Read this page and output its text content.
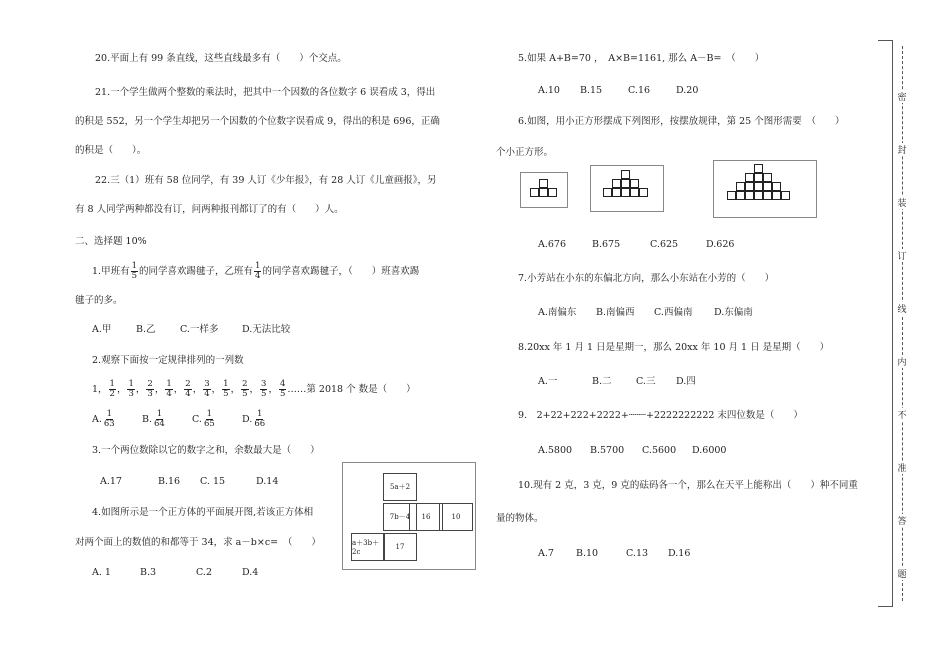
20.平面上有 99 条直线，这些直线最多有（　　）个交点。
21.一个学生做两个整数的乘法时，把其中一个因数的各位数字 6 误看成 3，得出
的积是 552，另一个学生却把另一个因数的个位数字误看成 9，得出的积是 696，正确
的积是（　　）。
22.三（1）班有 58 位同学，有 39 人订《少年报》，有 28 人订《儿童画报》，另
有 8 人同学两种都没有订，问两种报刊都订了的有（　　）人。
二、选择题 10%
1.甲班有 $\frac{1}{5}$ 的同学喜欢踢毽子，乙班有 $\frac{1}{4}$ 的同学喜欢踢毽子，（　　）班喜欢踢
毽子的多。
A.甲	B.乙	C.一样多 D.无法比较
2.观察下面按一定规律排列的一列数
1， $\frac{1}{2}$ ， $\frac{1}{3}$ ， $\frac{2}{3}$ ， $\frac{1}{4}$ ， $\frac{2}{4}$ ， $\frac{3}{4}$ ， $\frac{1}{5}$ ， $\frac{2}{5}$ ， $\frac{3}{5}$ ， $\frac{4}{5}$ ……第 2018 个 数是（　　）
A. $\frac{1}{63}$	B. $\frac{1}{64}$	C. $\frac{1}{65}$	D. $\frac{1}{66}$
3.一个两位数除以它的数字之和，余数最大是（　　）
A.17	B.16 C. 15	D.14
4.如图所示是一个正方体的平面展开图,若该正方体相
对两个面上的数值的和都等于 34，求 a－b×c=　（　　）
A. 1	B.3	C.2	D.4
5a＋2
7b－4	16	10
a＋3b＋2c
17
5.如果 A+B=70 ，　A×B=1161, 那么 A－B=　（　　）
A.10 B.15	C.16	D.20
6.如图，用小正方形摆成下列图形，按摆放规律，第 25 个图形需要　（　　）
个小正方形。
A.676	B.675	C.625	D.626
7.小芳站在小东的东偏北方向，那么小东站在小芳的（　　）
A.南偏东 B.南偏西 C.西偏南 D.东偏南
8.20xx 年 1 月 1 日是星期一，那么 20xx 年 10 月 1 日 是星期（　　）
A.一	B.二	C.三 D.四
9.　2+22+222+2222+┄┄┄+2222222222 末四位数是（　　）
A.5800 B.5700 C.5600 D.6000
10.现有 2 克，3 克，9 克的砝码各一个，那么在天平上能称出（　　）种不同重
量的物体。
A.7 B.10	C.13 D.16
密
封
装
订
线
内
不
准
答
题
